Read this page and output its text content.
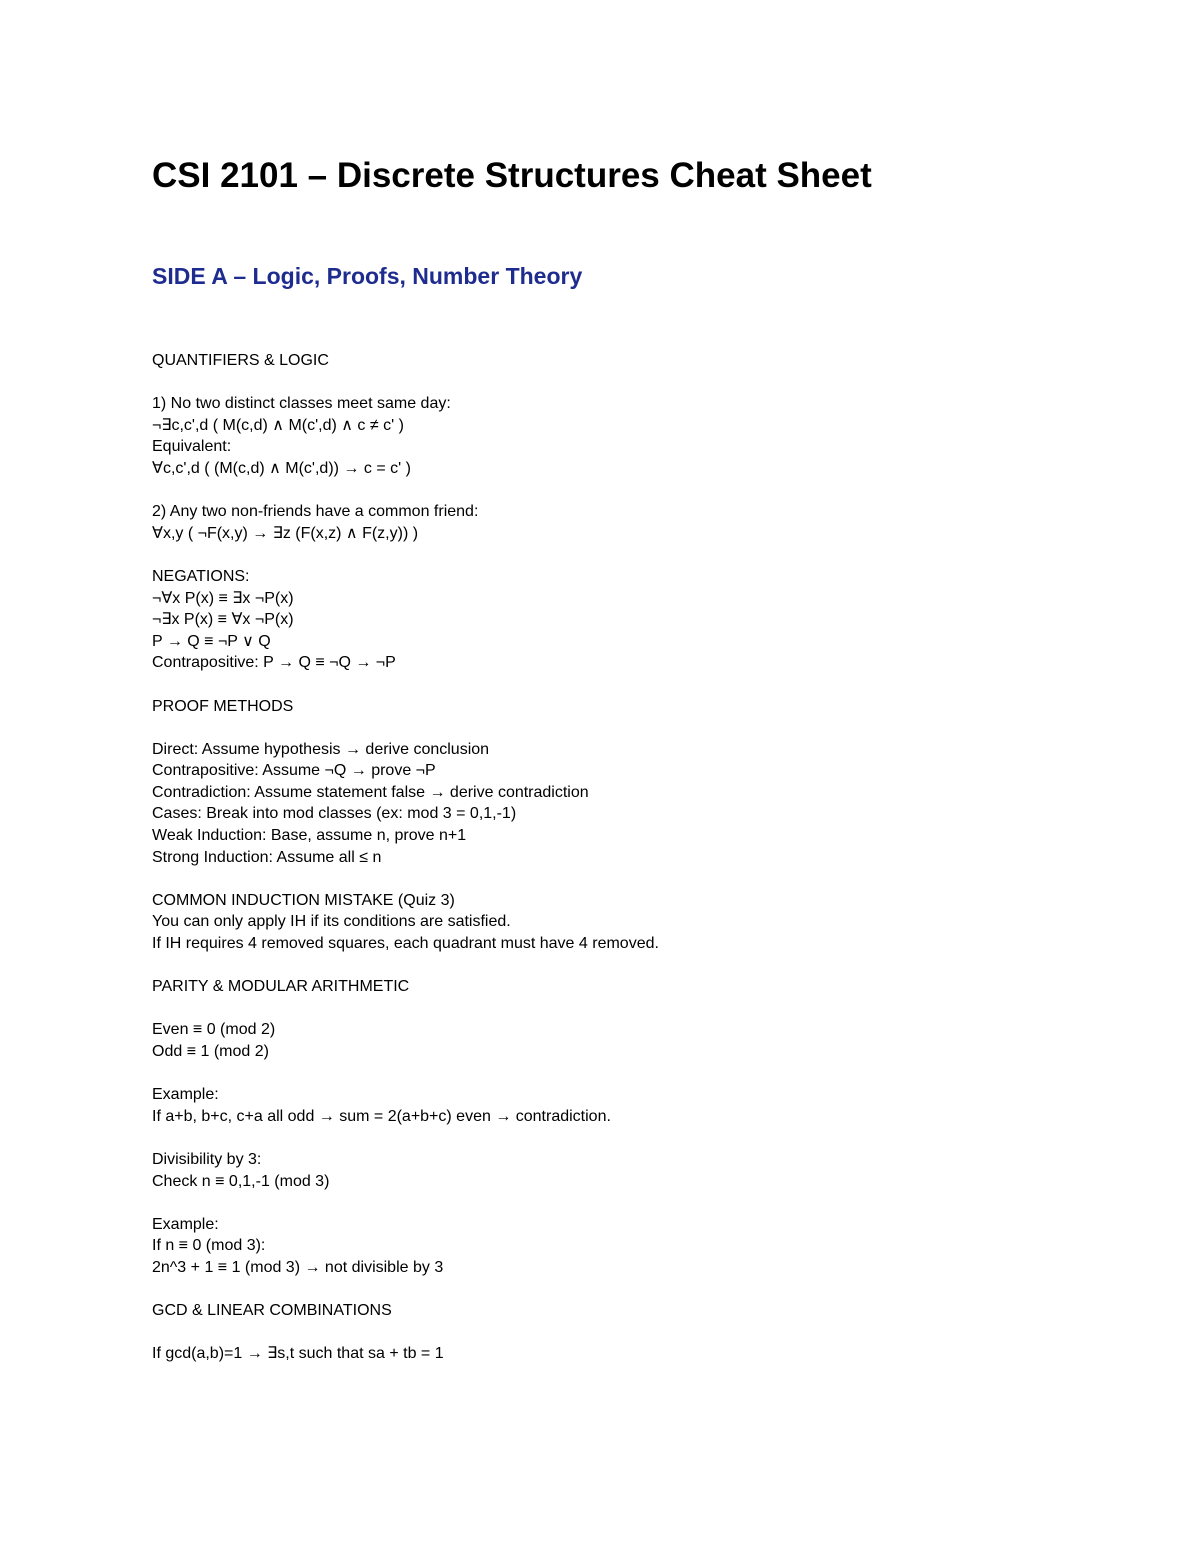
CSI 2101 – Discrete Structures Cheat Sheet
SIDE A – Logic, Proofs, Number Theory
QUANTIFIERS & LOGIC
1) No two distinct classes meet same day:
¬∃c,c',d ( M(c,d) ∧ M(c',d) ∧ c ≠ c' )
Equivalent:
∀c,c',d ( (M(c,d) ∧ M(c',d)) → c = c' )
2) Any two non-friends have a common friend:
∀x,y ( ¬F(x,y) → ∃z (F(x,z) ∧ F(z,y)) )
NEGATIONS:
¬∀x P(x) ≡ ∃x ¬P(x)
¬∃x P(x) ≡ ∀x ¬P(x)
P → Q ≡ ¬P ∨ Q
Contrapositive: P → Q ≡ ¬Q → ¬P
PROOF METHODS
Direct: Assume hypothesis → derive conclusion
Contrapositive: Assume ¬Q → prove ¬P
Contradiction: Assume statement false → derive contradiction
Cases: Break into mod classes (ex: mod 3 = 0,1,-1)
Weak Induction: Base, assume n, prove n+1
Strong Induction: Assume all ≤ n
COMMON INDUCTION MISTAKE (Quiz 3)
You can only apply IH if its conditions are satisfied.
If IH requires 4 removed squares, each quadrant must have 4 removed.
PARITY & MODULAR ARITHMETIC
Even ≡ 0 (mod 2)
Odd ≡ 1 (mod 2)
Example:
If a+b, b+c, c+a all odd → sum = 2(a+b+c) even → contradiction.
Divisibility by 3:
Check n ≡ 0,1,-1 (mod 3)
Example:
If n ≡ 0 (mod 3):
2n^3 + 1 ≡ 1 (mod 3) → not divisible by 3
GCD & LINEAR COMBINATIONS
If gcd(a,b)=1 → ∃s,t such that sa + tb = 1
